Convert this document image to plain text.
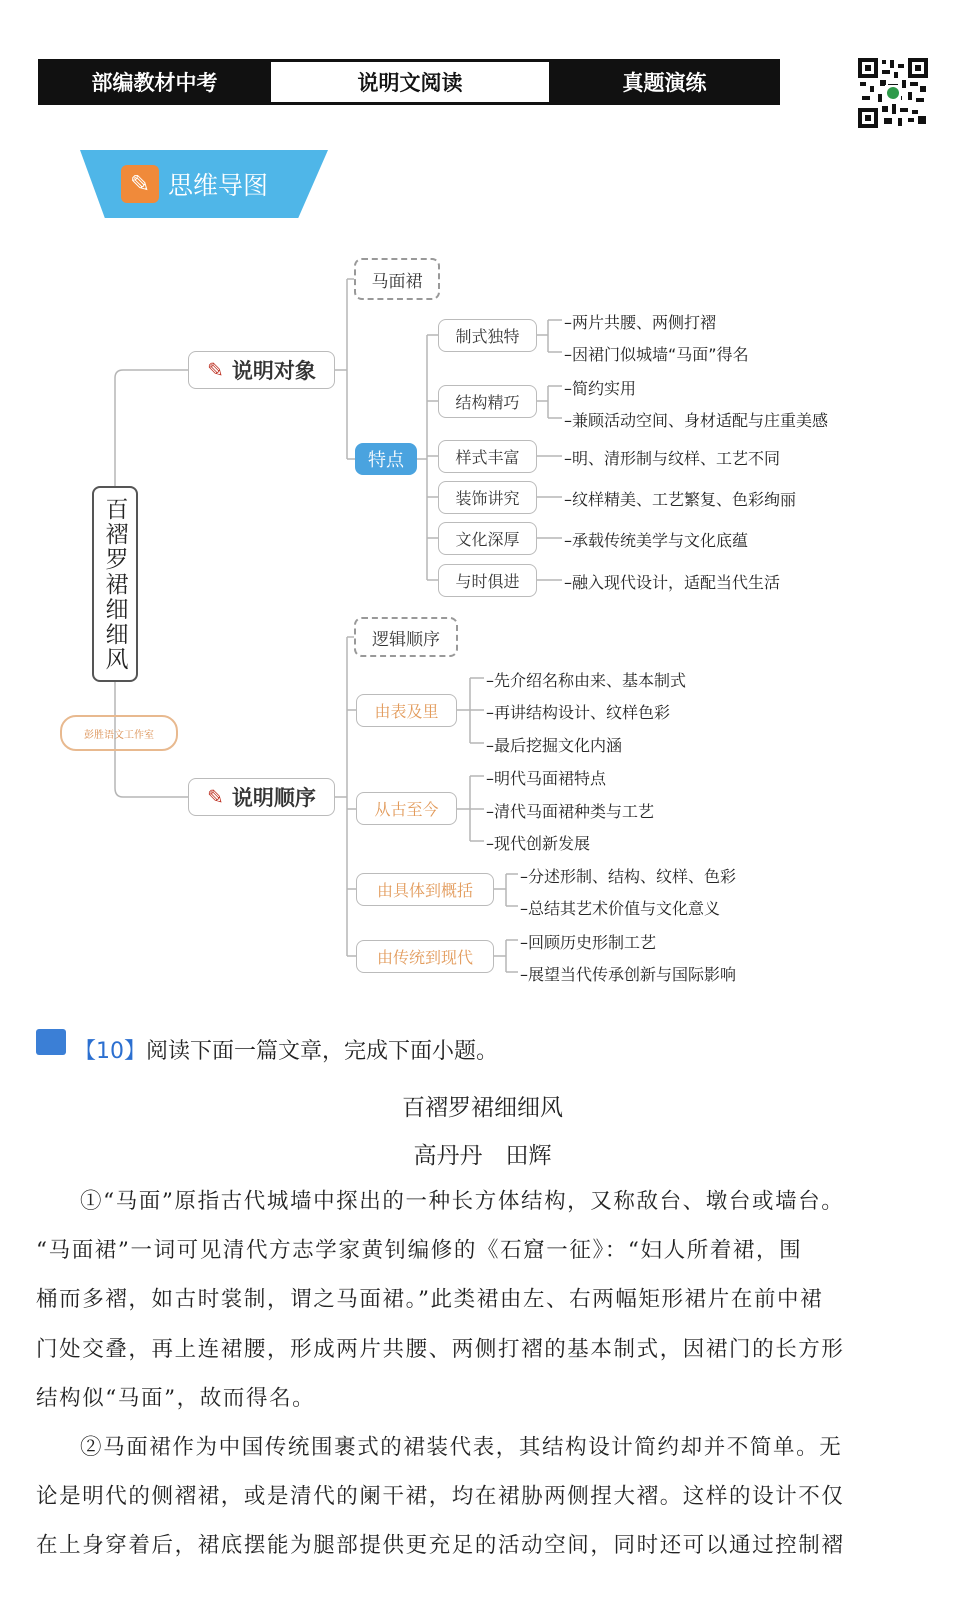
部编教材中考	说明文阅读	真题演练
✎ 思维导图
百褶罗裙细细风
彭胜语文工作室
✎ 说明对象
马面裙
特点
制式独特
结构精巧
样式丰富
装饰讲究
文化深厚
与时俱进
–两片共腰、两侧打褶
–因裙门似城墙“马面”得名
–简约实用
–兼顾活动空间、身材适配与庄重美感
–明、清形制与纹样、工艺不同
–纹样精美、工艺繁复、色彩绚丽
–承载传统美学与文化底蕴
–融入现代设计，适配当代生活
✎ 说明顺序
逻辑顺序
由表及里
从古至今
由具体到概括
由传统到现代
–先介绍名称由来、基本制式
–再讲结构设计、纹样色彩
–最后挖掘文化内涵
–明代马面裙特点
–清代马面裙种类与工艺
–现代创新发展
–分述形制、结构、纹样、色彩
–总结其艺术价值与文化意义
–回顾历史形制工艺
–展望当代传承创新与国际影响
【10】阅读下面一篇文章，完成下面小题。
百褶罗裙细细风
高丹丹　田辉
①“马面”原指古代城墙中探出的一种长方体结构，又称敌台、墩台或墙台。
“马面裙”一词可见清代方志学家黄钊编修的《石窟一征》：“妇人所着裙，围
桶而多褶，如古时裳制，谓之马面裙。”此类裙由左、右两幅矩形裙片在前中裙
门处交叠，再上连裙腰，形成两片共腰、两侧打褶的基本制式，因裙门的长方形
结构似“马面”，故而得名。
②马面裙作为中国传统围裹式的裙装代表，其结构设计简约却并不简单。无
论是明代的侧褶裙，或是清代的阑干裙，均在裙胁两侧捏大褶。这样的设计不仅
在上身穿着后，裙底摆能为腿部提供更充足的活动空间，同时还可以通过控制褶
